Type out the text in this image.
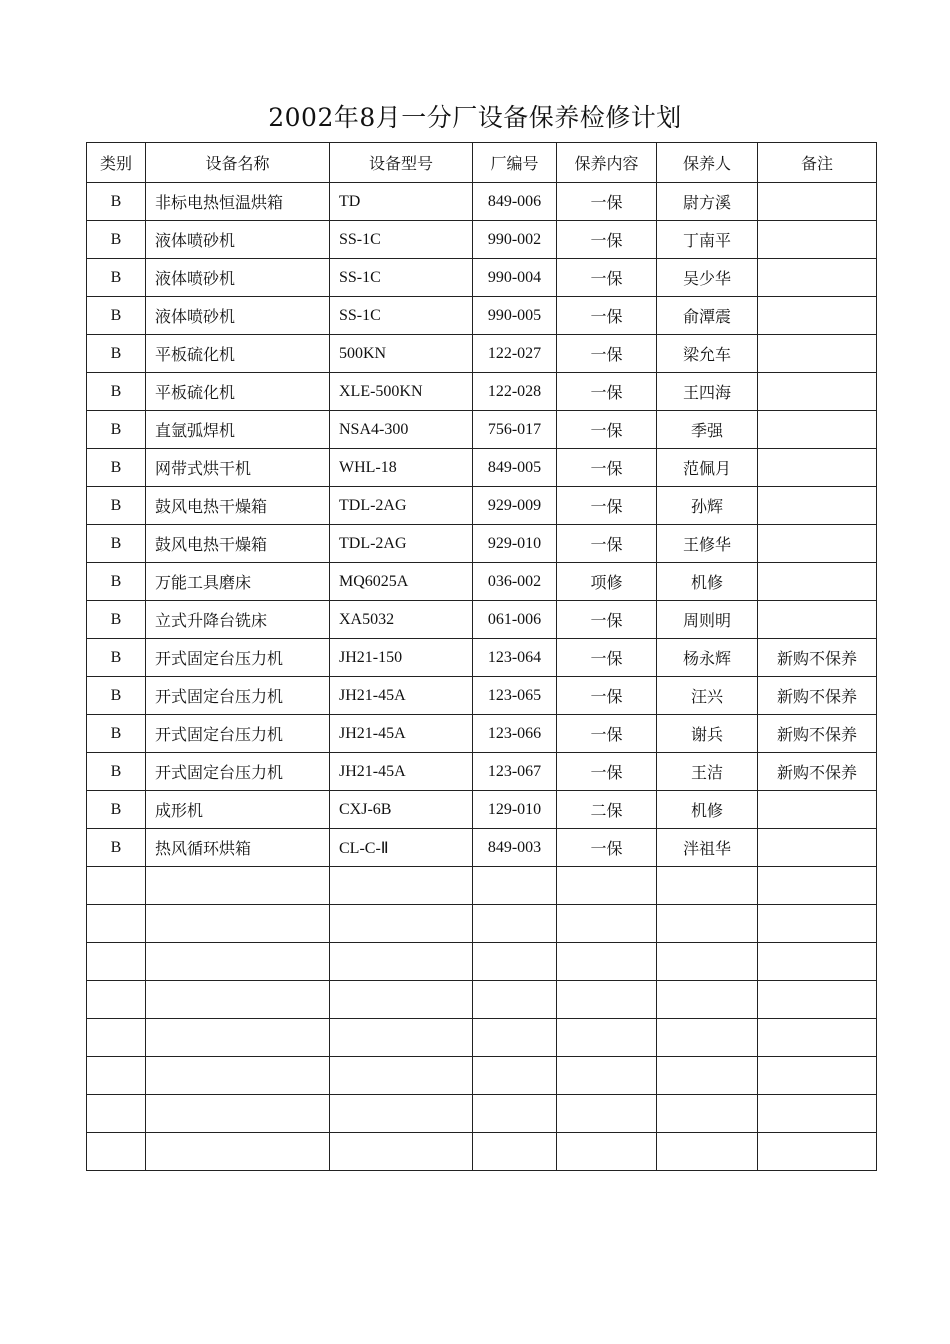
2002年8月一分厂设备保养检修计划
类别	设备名称	设备型号	厂编号	保养内容	保养人	备注
B	非标电热恒温烘箱	TD	849-006	一保	尉方溪	
B	液体喷砂机	SS-1C	990-002	一保	丁南平	
B	液体喷砂机	SS-1C	990-004	一保	吴少华	
B	液体喷砂机	SS-1C	990-005	一保	俞潭震	
B	平板硫化机	500KN	122-027	一保	梁允车	
B	平板硫化机	XLE-500KN	122-028	一保	王四海	
B	直氩弧焊机	NSA4-300	756-017	一保	季强	
B	网带式烘干机	WHL-18	849-005	一保	范佩月	
B	鼓风电热干燥箱	TDL-2AG	929-009	一保	孙辉	
B	鼓风电热干燥箱	TDL-2AG	929-010	一保	王修华	
B	万能工具磨床	MQ6025A	036-002	项修	机修	
B	立式升降台铣床	XA5032	061-006	一保	周则明	
B	开式固定台压力机	JH21-150	123-064	一保	杨永辉	新购不保养
B	开式固定台压力机	JH21-45A	123-065	一保	汪兴	新购不保养
B	开式固定台压力机	JH21-45A	123-066	一保	谢兵	新购不保养
B	开式固定台压力机	JH21-45A	123-067	一保	王洁	新购不保养
B	成形机	CXJ-6B	129-010	二保	机修	
B	热风循环烘箱	CL-C-Ⅱ	849-003	一保	泮祖华	
